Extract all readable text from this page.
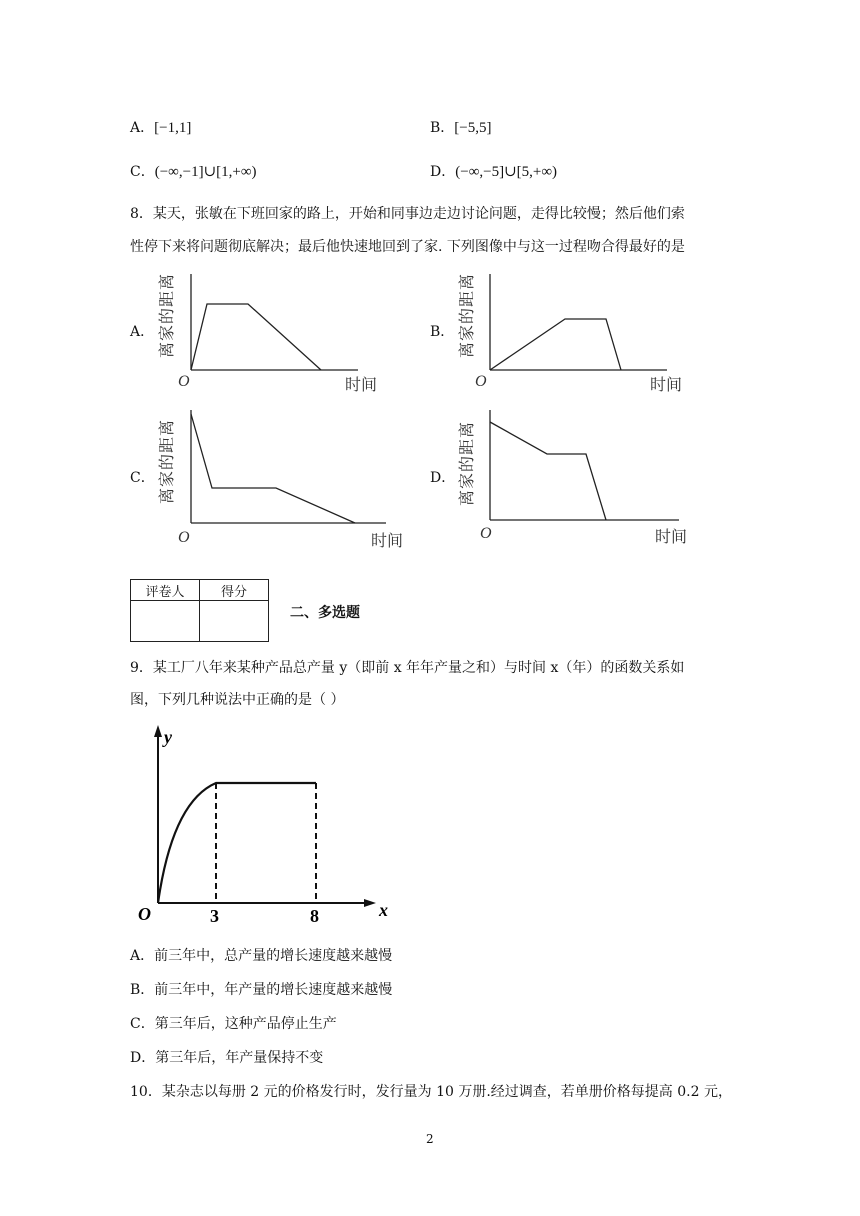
A．[−1,1]	B．[−5,5]
C．(−∞,−1]∪[1,+∞)	D．(−∞,−5]∪[5,+∞)
8．某天，张敏在下班回家的路上，开始和同事边走边讨论问题，走得比较慢；然后他们索
性停下来将问题彻底解决；最后他快速地回到了家. 下列图像中与这一过程吻合得最好的是
A．	B．
C．	D．
O	时间
离
家
的
距
离
O	时间
离
家
的
距
离
O	时间
离
家
的
距
离
O	时间
离
家
的
距
离
评卷人	得分

二、多选题
9．某工厂八年来某种产品总产量 y（即前 x 年年产量之和）与时间 x（年）的函数关系如
图，下列几种说法中正确的是（ ）
y
x
O	3	8
A．前三年中，总产量的增长速度越来越慢
B．前三年中，年产量的增长速度越来越慢
C．第三年后，这种产品停止生产
D．第三年后，年产量保持不变
10．某杂志以每册 2 元的价格发行时，发行量为 10 万册.经过调查，若单册价格每提高 0.2 元，
2
